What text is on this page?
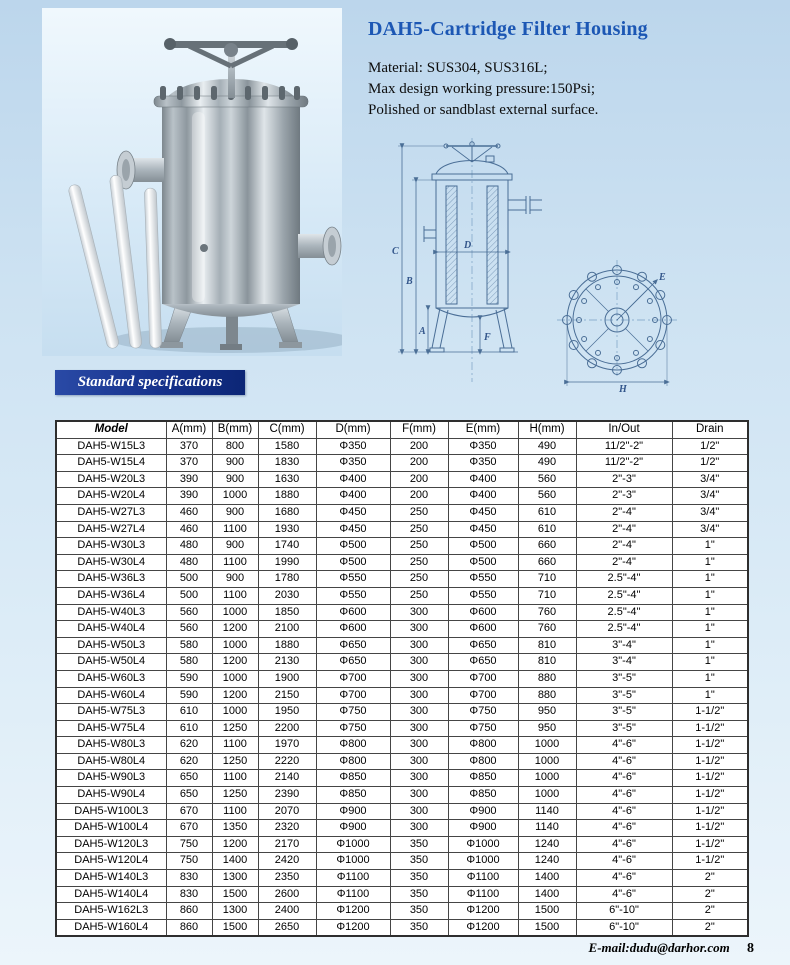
DAH5-Cartridge Filter Housing

Material: SUS304, SUS316L;

Max design working pressure:150Psi;

Polished or sandblast external surface.

C
B
A
D
F
E
H
Standard specifications
Model	A(mm)	B(mm)	C(mm)	D(mm)	F(mm)	E(mm)	H(mm)	In/Out	Drain
DAH5-W15L3	370	800	1580	Φ350	200	Φ350	490	11/2"-2"	1/2"
DAH5-W15L4	370	900	1830	Φ350	200	Φ350	490	11/2"-2"	1/2"
DAH5-W20L3	390	900	1630	Φ400	200	Φ400	560	2"-3"	3/4"
DAH5-W20L4	390	1000	1880	Φ400	200	Φ400	560	2"-3"	3/4"
DAH5-W27L3	460	900	1680	Φ450	250	Φ450	610	2"-4"	3/4"
DAH5-W27L4	460	1100	1930	Φ450	250	Φ450	610	2"-4"	3/4"
DAH5-W30L3	480	900	1740	Φ500	250	Φ500	660	2"-4"	1"
DAH5-W30L4	480	1100	1990	Φ500	250	Φ500	660	2"-4"	1"
DAH5-W36L3	500	900	1780	Φ550	250	Φ550	710	2.5"-4"	1"
DAH5-W36L4	500	1100	2030	Φ550	250	Φ550	710	2.5"-4"	1"
DAH5-W40L3	560	1000	1850	Φ600	300	Φ600	760	2.5"-4"	1"
DAH5-W40L4	560	1200	2100	Φ600	300	Φ600	760	2.5"-4"	1"
DAH5-W50L3	580	1000	1880	Φ650	300	Φ650	810	3"-4"	1"
DAH5-W50L4	580	1200	2130	Φ650	300	Φ650	810	3"-4"	1"
DAH5-W60L3	590	1000	1900	Φ700	300	Φ700	880	3"-5"	1"
DAH5-W60L4	590	1200	2150	Φ700	300	Φ700	880	3"-5"	1"
DAH5-W75L3	610	1000	1950	Φ750	300	Φ750	950	3"-5"	1-1/2"
DAH5-W75L4	610	1250	2200	Φ750	300	Φ750	950	3"-5"	1-1/2"
DAH5-W80L3	620	1100	1970	Φ800	300	Φ800	1000	4"-6"	1-1/2"
DAH5-W80L4	620	1250	2220	Φ800	300	Φ800	1000	4"-6"	1-1/2"
DAH5-W90L3	650	1100	2140	Φ850	300	Φ850	1000	4"-6"	1-1/2"
DAH5-W90L4	650	1250	2390	Φ850	300	Φ850	1000	4"-6"	1-1/2"
DAH5-W100L3	670	1100	2070	Φ900	300	Φ900	1140	4"-6"	1-1/2"
DAH5-W100L4	670	1350	2320	Φ900	300	Φ900	1140	4"-6"	1-1/2"
DAH5-W120L3	750	1200	2170	Φ1000	350	Φ1000	1240	4"-6"	1-1/2"
DAH5-W120L4	750	1400	2420	Φ1000	350	Φ1000	1240	4"-6"	1-1/2"
DAH5-W140L3	830	1300	2350	Φ1100	350	Φ1100	1400	4"-6"	2"
DAH5-W140L4	830	1500	2600	Φ1100	350	Φ1100	1400	4"-6"	2"
DAH5-W162L3	860	1300	2400	Φ1200	350	Φ1200	1500	6"-10"	2"
DAH5-W160L4	860	1500	2650	Φ1200	350	Φ1200	1500	6"-10"	2"
E-mail:dudu@darhor.com 8
